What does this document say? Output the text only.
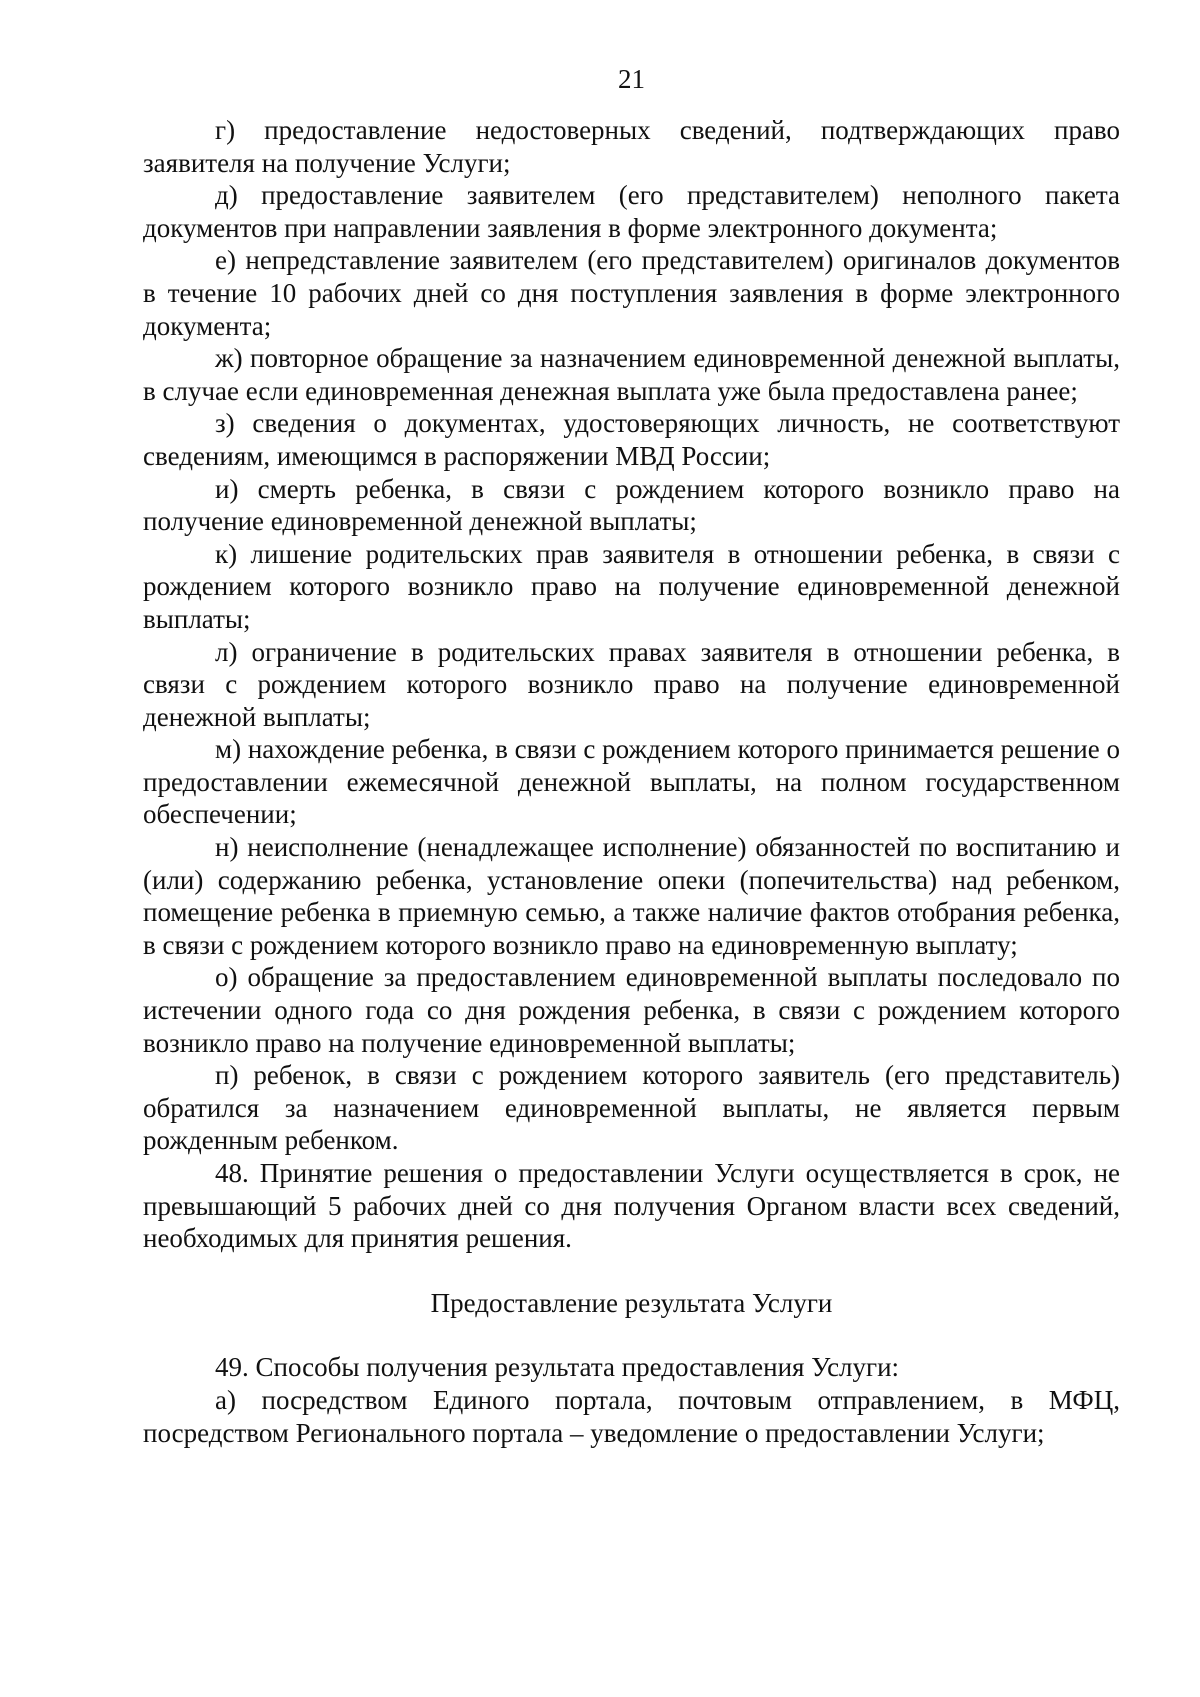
21

г) предоставление недостоверных сведений, подтверждающих право заявителя на получение Услуги;

д) предоставление заявителем (его представителем) неполного пакета документов при направлении заявления в форме электронного документа;

е) непредставление заявителем (его представителем) оригиналов документов в течение 10 рабочих дней со дня поступления заявления в форме электронного документа;

ж) повторное обращение за назначением единовременной денежной выплаты, в случае если единовременная денежная выплата уже была предоставлена ранее;

з) сведения о документах, удостоверяющих личность, не соответствуют сведениям, имеющимся в распоряжении МВД России;

и) смерть ребенка, в связи с рождением которого возникло право на получение единовременной денежной выплаты;

к) лишение родительских прав заявителя в отношении ребенка, в связи с рождением которого возникло право на получение единовременной денежной выплаты;

л) ограничение в родительских правах заявителя в отношении ребенка, в связи с рождением которого возникло право на получение единовременной денежной выплаты;

м) нахождение ребенка, в связи с рождением которого принимается решение о предоставлении ежемесячной денежной выплаты, на полном государственном обеспечении;

н) неисполнение (ненадлежащее исполнение) обязанностей по воспитанию и (или) содержанию ребенка, установление опеки (попечительства) над ребенком, помещение ребенка в приемную семью, а также наличие фактов отобрания ребенка, в связи с рождением которого возникло право на единовременную выплату;

о) обращение за предоставлением единовременной выплаты последовало по истечении одного года со дня рождения ребенка, в связи с рождением которого возникло право на получение единовременной выплаты;

п) ребенок, в связи с рождением которого заявитель (его представитель) обратился за назначением единовременной выплаты, не является первым рожденным ребенком.

48. Принятие решения о предоставлении Услуги осуществляется в срок, не превышающий 5 рабочих дней со дня получения Органом власти всех сведений, необходимых для принятия решения.

Предоставление результата Услуги

49. Способы получения результата предоставления Услуги:

а) посредством Единого портала, почтовым отправлением, в МФЦ, посредством Регионального портала – уведомление о предоставлении Услуги;
